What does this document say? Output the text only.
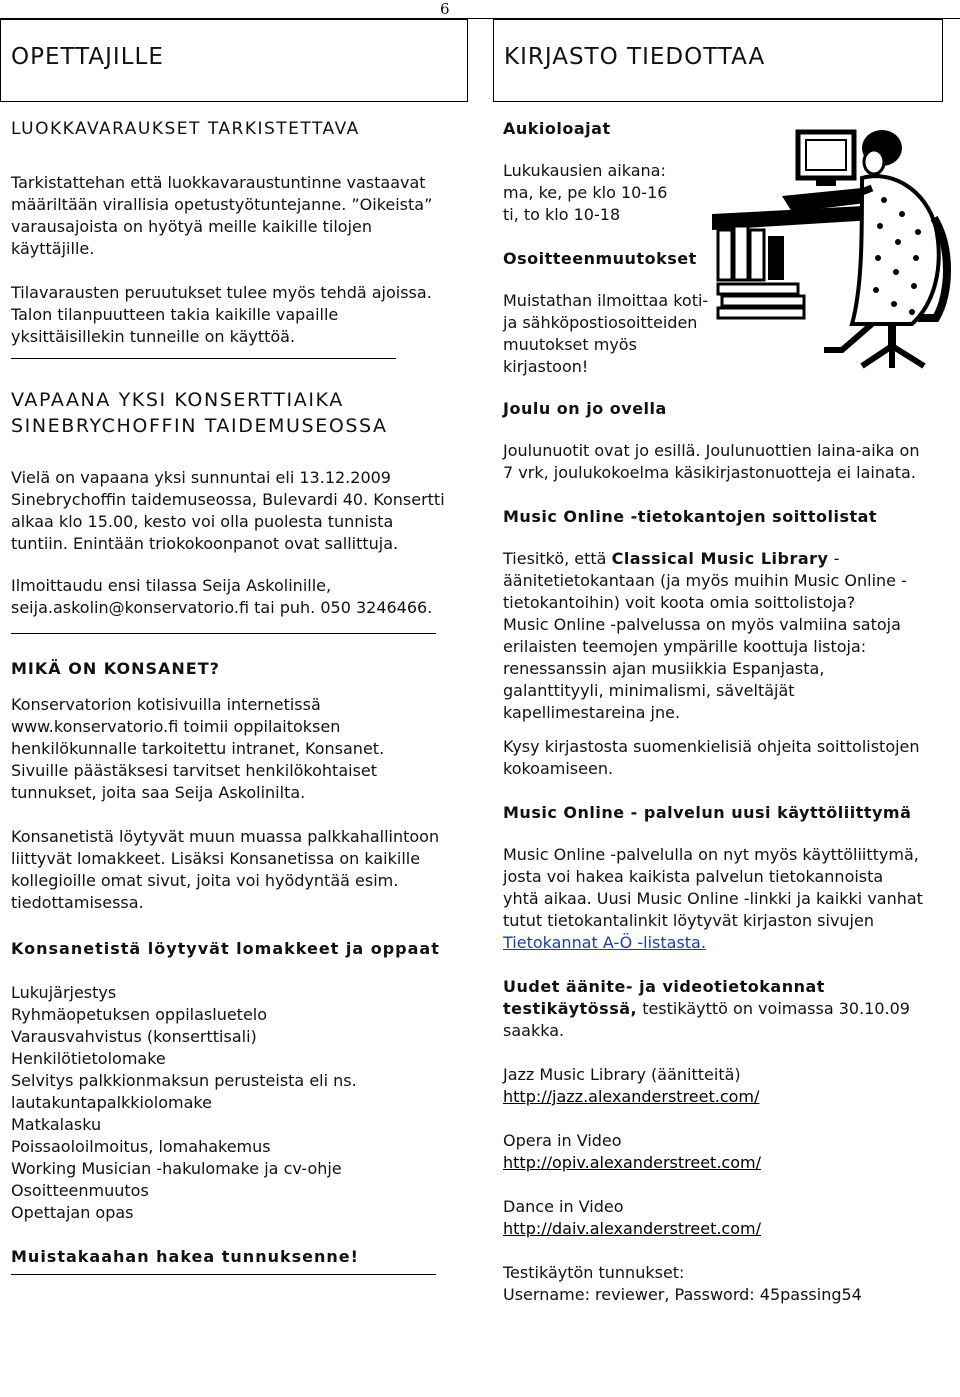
6
OPETTAJILLE	KIRJASTO TIEDOTTAA
LUOKKAVARAUKSET TARKISTETTAVA
Tarkistattehan että luokkavaraustuntinne vastaavat määriltään virallisia opetustyötuntejanne. ”Oikeista” varausajoista on hyötyä meille kaikille tilojen käyttäjille.
Tilavarausten peruutukset tulee myös tehdä ajoissa. Talon tilanpuutteen takia kaikille vapaille yksittäisillekin tunneille on käyttöä.
VAPAANA YKSI KONSERTTIAIKA SINEBRYCHOFFIN TAIDEMUSEOSSA
Vielä on vapaana yksi sunnuntai eli 13.12.2009 Sinebrychoffin taidemuseossa, Bulevardi 40. Konsertti alkaa klo 15.00, kesto voi olla puolesta tunnista tuntiin. Enintään triokokoonpanot ovat sallittuja.
Ilmoittaudu ensi tilassa Seija Askolinille, seija.askolin@konservatorio.fi tai puh. 050 3246466.
MIKÄ ON KONSANET?
Konservatorion kotisivuilla internetissä www.konservatorio.fi toimii oppilaitoksen henkilökunnalle tarkoitettu intranet, Konsanet. Sivuille päästäksesi tarvitset henkilökohtaiset tunnukset, joita saa Seija Askolinilta.
Konsanetistä löytyvät muun muassa palkkahallintoon liittyvät lomakkeet. Lisäksi Konsanetissa on kaikille kollegioille omat sivut, joita voi hyödyntää esim. tiedottamisessa.
Konsanetistä löytyvät lomakkeet ja oppaat
Lukujärjestys
Ryhmäopetuksen oppilasluetelo
Varausvahvistus (konserttisali)
Henkilötietolomake
Selvitys palkkionmaksun perusteista eli ns. lautakuntapalkkiolomake
Matkalasku
Poissaoloilmoitus, lomahakemus
Working Musician -hakulomake ja cv-ohje
Osoitteenmuutos
Opettajan opas
Muistakaahan hakea tunnuksenne!
Aukioloajat
Lukukausien aikana:
ma, ke, pe klo 10-16
ti, to klo 10-18
Osoitteenmuutokset
Muistathan ilmoittaa koti- ja sähköpostiosoitteiden muutokset myös kirjastoon!
Joulu on jo ovella
Joulunuotit ovat jo esillä. Joulunuottien laina-aika on 7 vrk, joulukokoelma käsikirjastonuotteja ei lainata.
Music Online -tietokantojen soittolistat
Tiesitkö, että Classical Music Library - äänitetietokantaan (ja myös muihin Music Online -tietokantoihin) voit koota omia soittolistoja?
Music Online -palvelussa on myös valmiina satoja erilaisten teemojen ympärille koottuja listoja: renessanssin ajan musiikkia Espanjasta, galanttityyli, minimalismi, säveltäjät kapellimestareina jne.
Kysy kirjastosta suomenkielisiä ohjeita soittolistojen kokoamiseen.
Music Online - palvelun uusi käyttöliittymä
Music Online -palvelulla on nyt myös käyttöliittymä, josta voi hakea kaikista palvelun tietokannoista yhtä aikaa. Uusi Music Online -linkki ja kaikki vanhat tutut tietokantalinkit löytyvät kirjaston sivujen Tietokannat A-Ö -listasta.
Uudet äänite- ja videotietokannat testikäytössä, testikäyttö on voimassa 30.10.09 saakka.
Jazz Music Library (äänitteitä)
http://jazz.alexanderstreet.com/
Opera in Video
http://opiv.alexanderstreet.com/
Dance in Video
http://daiv.alexanderstreet.com/
Testikäytön tunnukset:
Username: reviewer, Password: 45passing54
